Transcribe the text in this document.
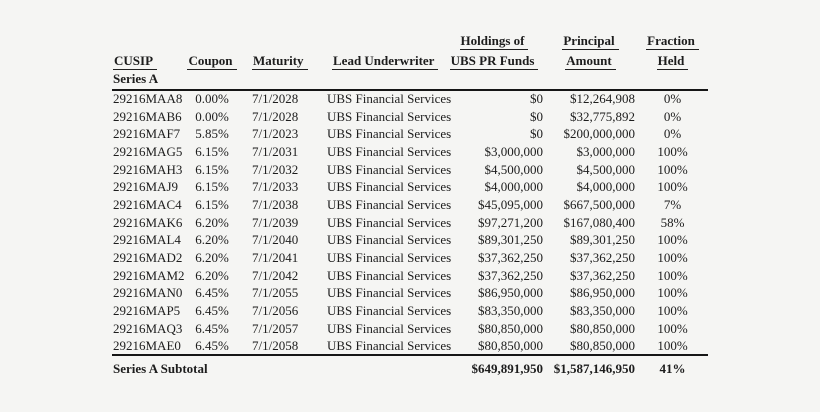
				Holdings of	Principal	Fraction
CUSIP	Coupon	Maturity	Lead Underwriter	UBS PR Funds	Amount	Held
Series A						
29216MAA8	0.00%	7/1/2028	UBS Financial Services	$0	$12,264,908	0%
29216MAB6	0.00%	7/1/2028	UBS Financial Services	$0	$32,775,892	0%
29216MAF7	5.85%	7/1/2023	UBS Financial Services	$0	$200,000,000	0%
29216MAG5	6.15%	7/1/2031	UBS Financial Services	$3,000,000	$3,000,000	100%
29216MAH3	6.15%	7/1/2032	UBS Financial Services	$4,500,000	$4,500,000	100%
29216MAJ9	6.15%	7/1/2033	UBS Financial Services	$4,000,000	$4,000,000	100%
29216MAC4	6.15%	7/1/2038	UBS Financial Services	$45,095,000	$667,500,000	7%
29216MAK6	6.20%	7/1/2039	UBS Financial Services	$97,271,200	$167,080,400	58%
29216MAL4	6.20%	7/1/2040	UBS Financial Services	$89,301,250	$89,301,250	100%
29216MAD2	6.20%	7/1/2041	UBS Financial Services	$37,362,250	$37,362,250	100%
29216MAM2	6.20%	7/1/2042	UBS Financial Services	$37,362,250	$37,362,250	100%
29216MAN0	6.45%	7/1/2055	UBS Financial Services	$86,950,000	$86,950,000	100%
29216MAP5	6.45%	7/1/2056	UBS Financial Services	$83,350,000	$83,350,000	100%
29216MAQ3	6.45%	7/1/2057	UBS Financial Services	$80,850,000	$80,850,000	100%
29216MAE0	6.45%	7/1/2058	UBS Financial Services	$80,850,000	$80,850,000	100%
Series A Subtotal				$649,891,950	$1,587,146,950	41%
